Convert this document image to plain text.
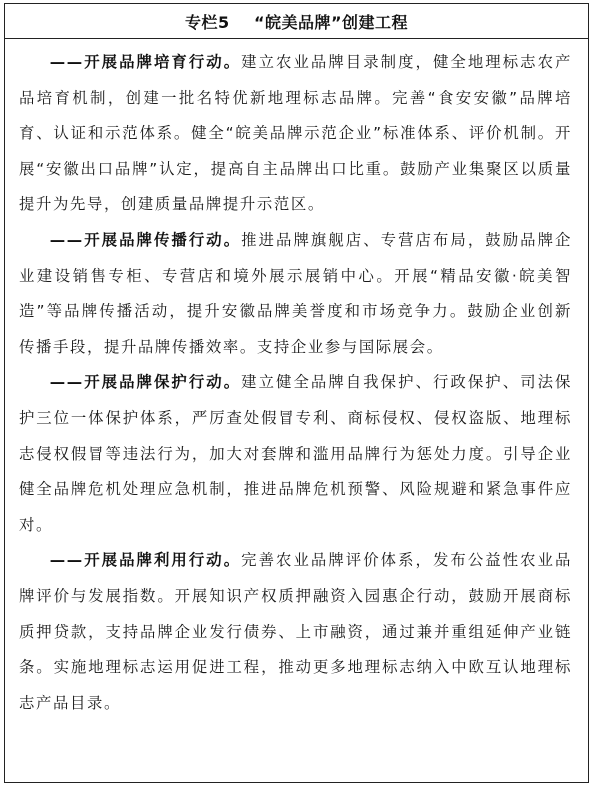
专栏5
“皖美品牌”创建工程

——开展品牌培育行动。建立农业品牌目录制度，健全地理标志农产品培育机制，创建一批名特优新地理标志品牌。完善“食安安徽”品牌培育、认证和示范体系。健全“皖美品牌示范企业”标准体系、评价机制。开展“安徽出口品牌”认定，提高自主品牌出口比重。鼓励产业集聚区以质量提升为先导，创建质量品牌提升示范区。

——开展品牌传播行动。推进品牌旗舰店、专营店布局，鼓励品牌企业建设销售专柜、专营店和境外展示展销中心。开展“精品安徽·皖美智造”等品牌传播活动，提升安徽品牌美誉度和市场竞争力。鼓励企业创新传播手段，提升品牌传播效率。支持企业参与国际展会。

——开展品牌保护行动。建立健全品牌自我保护、行政保护、司法保护三位一体保护体系，严厉查处假冒专利、商标侵权、侵权盗版、地理标志侵权假冒等违法行为，加大对套牌和滥用品牌行为惩处力度。引导企业健全品牌危机处理应急机制，推进品牌危机预警、风险规避和紧急事件应对。

——开展品牌利用行动。完善农业品牌评价体系，发布公益性农业品牌评价与发展指数。开展知识产权质押融资入园惠企行动，鼓励开展商标质押贷款，支持品牌企业发行债券、上市融资，通过兼并重组延伸产业链条。实施地理标志运用促进工程，推动更多地理标志纳入中欧互认地理标志产品目录。
